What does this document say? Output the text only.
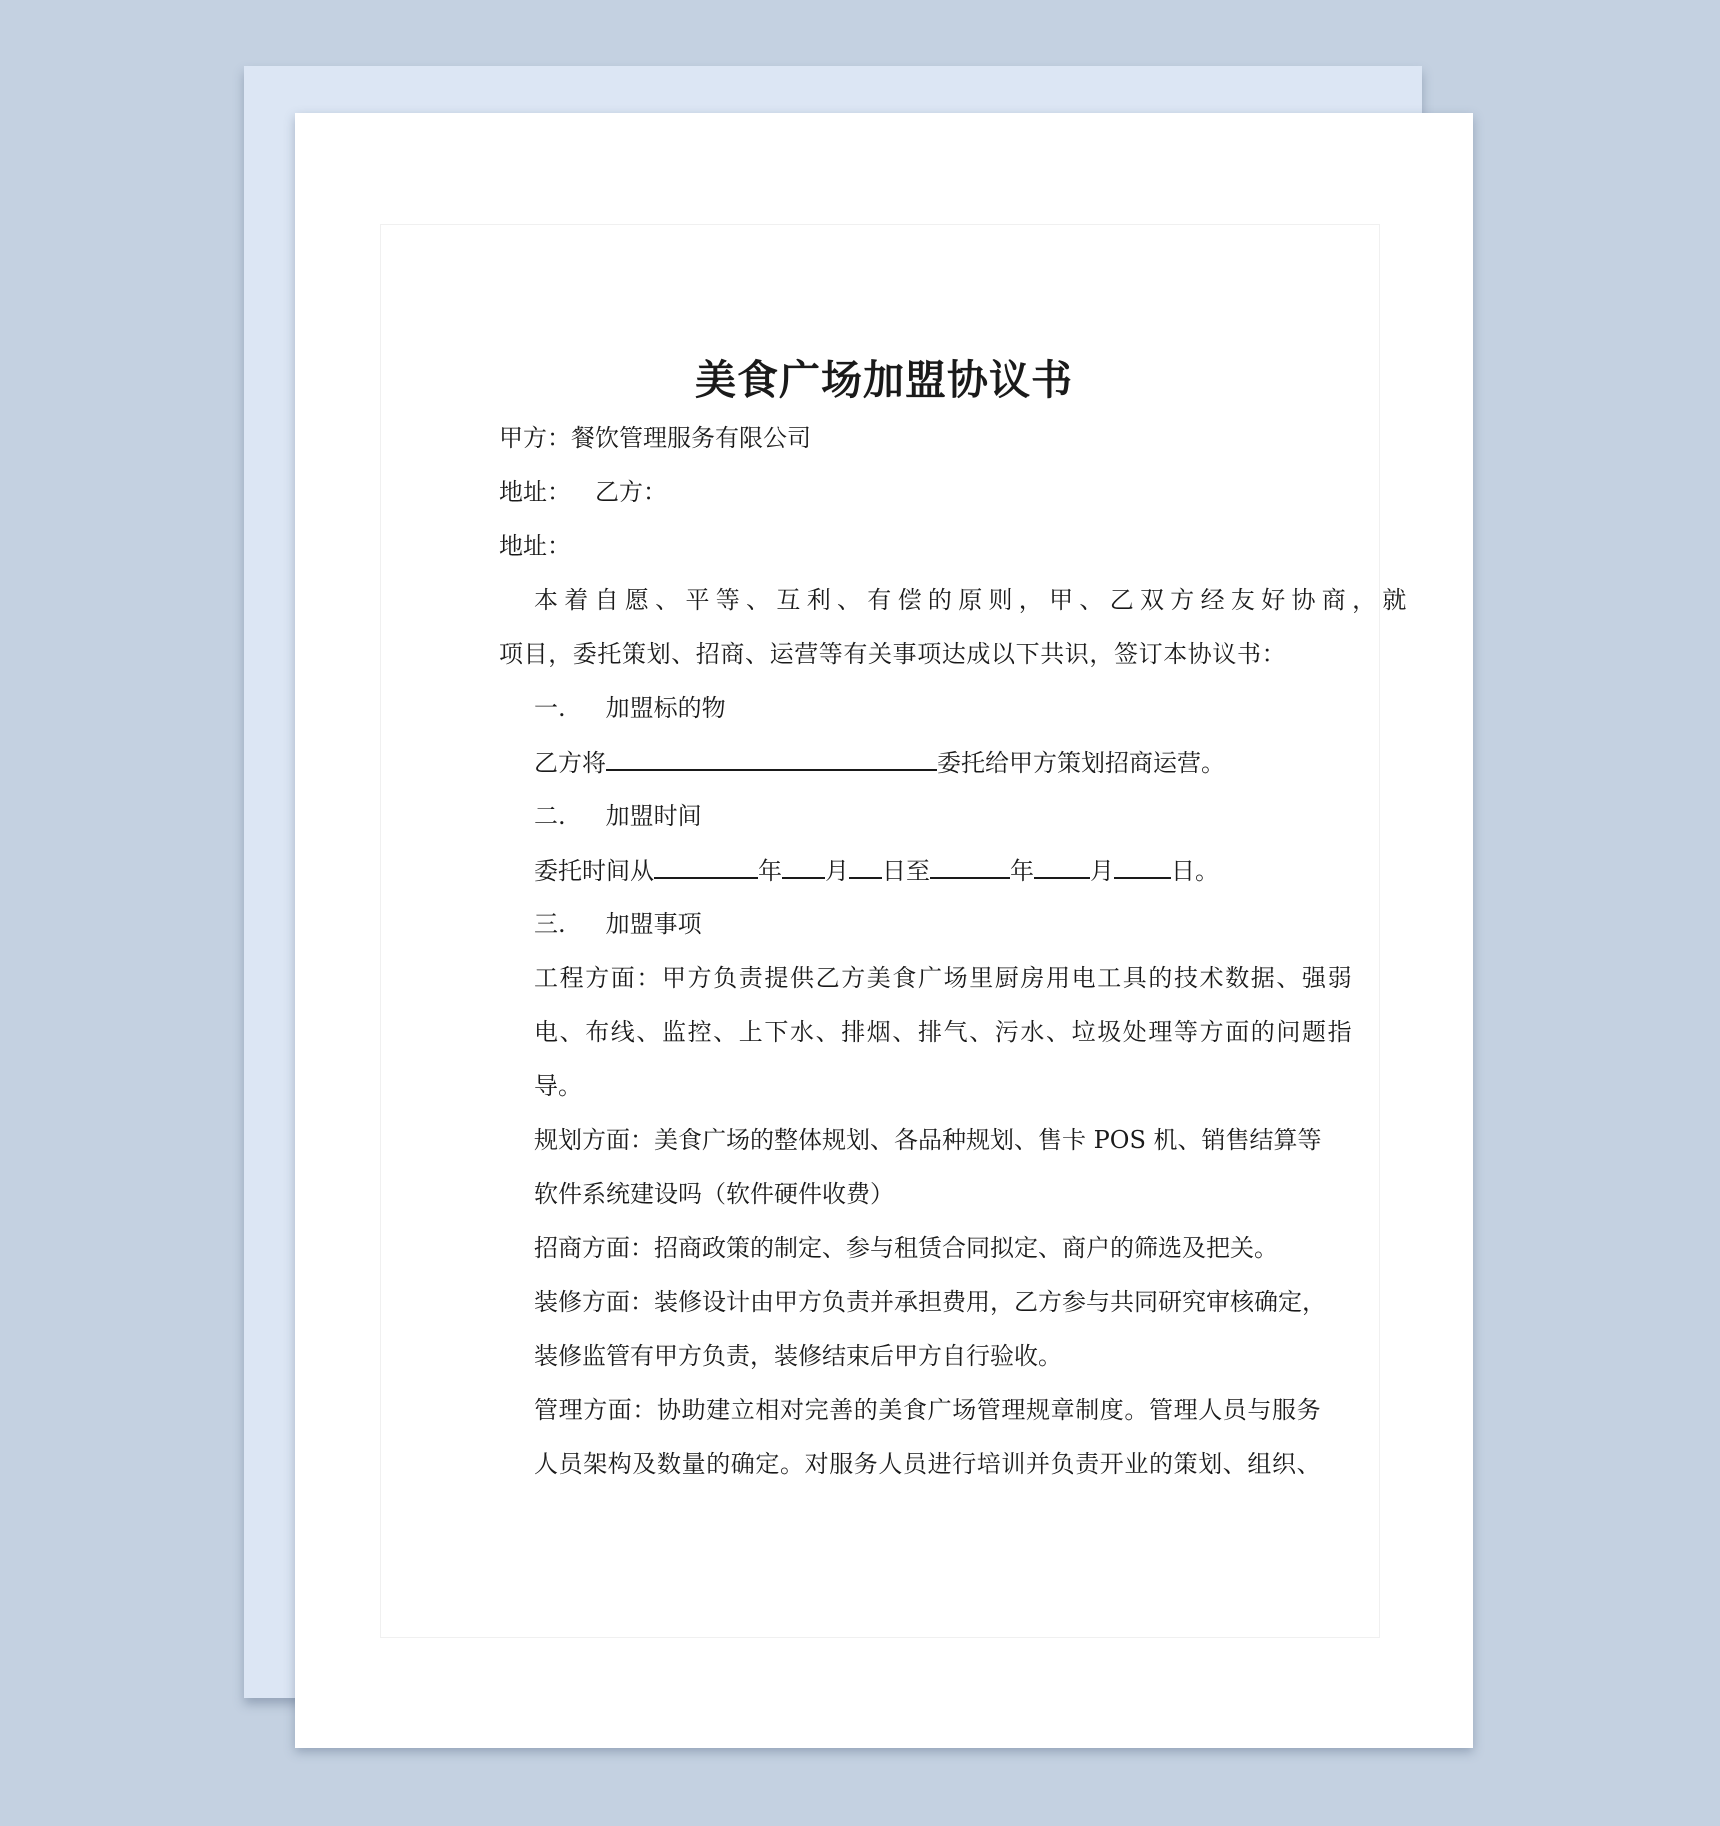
美食广场加盟协议书
甲方：餐饮管理服务有限公司
地址： 乙方：
地址：
本着自愿、平等、互利、有偿的原则，甲、乙双方经友好协商，就
项目，委托策划、招商、运营等有关事项达成以下共识，签订本协议书：
一. 加盟标的物
乙方将	委托给甲方策划招商运营。
二. 加盟时间
委托时间从	年 月 日至	年 月 日。
三. 加盟事项
工程方面：甲方负责提供乙方美食广场里厨房用电工具的技术数据、强弱
电、布线、监控、上下水、排烟、排气、污水、垃圾处理等方面的问题指
导。
规划方面：美食广场的整体规划、各品种规划、售卡 POS 机、销售结算等
软件系统建设吗（软件硬件收费）
招商方面：招商政策的制定、参与租赁合同拟定、商户的筛选及把关。
装修方面：装修设计由甲方负责并承担费用，乙方参与共同研究审核确定，
装修监管有甲方负责，装修结束后甲方自行验收。
管理方面：协助建立相对完善的美食广场管理规章制度。管理人员与服务
人员架构及数量的确定。对服务人员进行培训并负责开业的策划、组织、
